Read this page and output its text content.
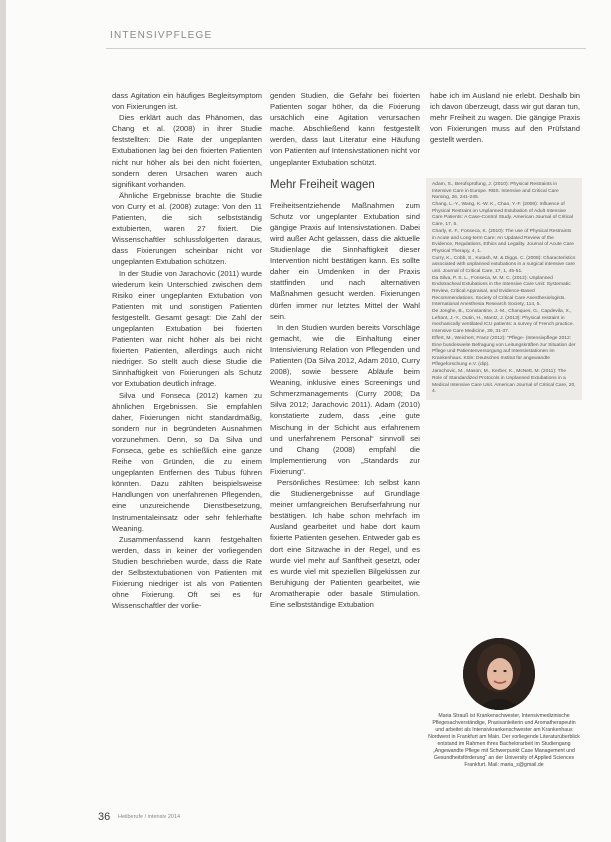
INTENSIVPFLEGE

dass Agitation ein häufiges Begleitsymptom von Fixierungen ist.

Dies erklärt auch das Phänomen, das Chang et al. (2008) in ihrer Studie feststellten: Die Rate der ungeplanten Extubationen lag bei den fixierten Patienten nicht nur höher als bei den nicht fixierten, sondern deren Ursachen waren auch signifikant vorhanden.

Ähnliche Ergebnisse brachte die Studie von Curry et al. (2008) zutage: Von den 11 Patienten, die sich selbstständig extubierten, waren 27 fixiert. Die Wissenschaftler schlussfolgerten daraus, dass Fixierungen scheinbar nicht vor ungeplanten Extubation schützen.

In der Studie von Jarachovic (2011) wurde wiederum kein Unterschied zwischen dem Risiko einer ungeplanten Extubation von Patienten mit und sonstigen Patienten festgestellt. Gesamt gesagt: Die Zahl der ungeplanten Extubation bei fixierten Patienten war nicht höher als bei nicht fixierten Patienten, allerdings auch nicht niedriger. So stellt auch diese Studie die Sinnhaftigkeit von Fixierungen als Schutz vor Extubation deutlich infrage.

Silva und Fonseca (2012) kamen zu ähnlichen Ergebnissen. Sie empfahlen daher, Fixierungen nicht standardmäßig, sondern nur in begründeten Ausnahmen vorzunehmen. Denn, so Da Silva und Fonseca, gebe es schließlich eine ganze Reihe von Gründen, die zu einem ungeplanten Entfernen des Tubus führen könnten. Dazu zählten beispielsweise Handlungen von unerfahrenen Pflegenden, eine unzureichende Dienstbesetzung, Instrumentaleinsatz oder sehr fehlerhafte Weaning.

Zusammenfassend kann festgehalten werden, dass in keiner der vorliegenden Studien beschrieben wurde, dass die Rate der Selbstextubationen von Patienten mit Fixierung niedriger ist als von Patienten ohne Fixierung. Oft sei es für Wissenschaftler der vorlie-

genden Studien, die Gefahr bei fixierten Patienten sogar höher, da die Fixierung ursächlich eine Agitation verursachen mache. Abschließend kann festgestellt werden, dass laut Literatur eine Häufung von Patienten auf Intensivstationen nicht vor ungeplanter Extubation schützt.

Mehr Freiheit wagen

Freiheitsentziehende Maßnahmen zum Schutz vor ungeplanter Extubation sind gängige Praxis auf Intensivstationen. Dabei wird außer Acht gelassen, dass die aktuelle Studienlage die Sinnhaftigkeit dieser Intervention nicht bestätigen kann. Es sollte daher ein Umdenken in der Praxis stattfinden und nach alternativen Maßnahmen gesucht werden. Fixierungen dürfen immer nur letztes Mittel der Wahl sein.

In den Studien wurden bereits Vorschläge gemacht, wie die Einhaltung einer Intensivierung Relation von Pflegenden und Patienten (Da Silva 2012, Adam 2010, Curry 2008), sowie bessere Abläufe beim Weaning, inklusive eines Screenings und Schmerzmanagements (Curry 2008; Da Silva 2012; Jarachovic 2011). Adam (2010) konstatierte zudem, dass „eine gute Mischung in der Schicht aus erfahrenem und unerfahrenem Personal“ sinnvoll sei und Chang (2008) empfahl die Implementierung von „Standards zur Fixierung“.

Persönliches Resümee: Ich selbst kann die Studienergebnisse auf Grundlage meiner umfangreichen Berufserfahrung nur bestätigen. Ich habe schon mehrfach im Ausland gearbeitet und habe dort kaum fixierte Patienten gesehen. Entweder gab es dort eine Sitzwache in der Regel, und es wurde viel mehr auf Sanftheit gesetzt, oder es wurde viel mit speziellen Bilgekissen zur Beruhigung der Patienten gearbeitet, wie Aromatherapie oder basale Stimulation. Eine selbstständige Extubation

habe ich im Ausland nie erlebt. Deshalb bin ich davon überzeugt, dass wir gut daran tun, mehr Freiheit zu wagen. Die gängige Praxis von Fixierungen muss auf den Prüfstand gestellt werden.
Adam, S., Berufsprüfung, J. (2010): Physical Restraints in Intensive Care in Europe. RBS. Intensive and Critical Care Nursing, 26, 241-245.
Chang, L.-Y., Wang, K.-W. K., Chao, Y.-F. (2008): Influence of Physical Restraint on Unplanned Extubation of Adult Intensive Care Patients: A Case-Control Study. American Journal of Critical Care, 17, 5.
Charly, K. F., Fonseca, K. (2010): The use of Physical Restraints in Acute and Long-term Care: An Updated Review of the Evidence, Regulations, Ethics and Legality. Journal of Acute Care Physical Therapy, 4, 1.
Curry, K., Cobb, S., Kutash, M. & Diggs, C. (2008): Characteristics associated with unplanned extubations in a surgical intensive care unit. Journal of Critical Care, 17, 1, 45-51.
Da Silva, P. S. L., Fonseca, M. M. C. (2012): Unplanned Endotracheal Extubations in the Intensive Care Unit: Systematic Review, Critical Appraisal, and Evidence-Based Recommendations. Society of Critical Care Anesthesiologists. International Anesthesia Research Society, 114, 5.
De Jonghe, B., Constantine, J.-M., Chanques, G., Capdevila, X., Lefrant, J.-Y., Outin, H., Mantz, J. (2013): Physical restraint in mechanically ventilated ICU patients: a survey of French practice. Intensive Care Medicine, 39, 31-37.
Effert, M., Weichert, Franz (2012): "Pflege- (Intensivpflege 2012: Eine bundesweite Befragung von Leitungskräften zur Situation der Pflege und Patientenversorgung auf Intensivstationen im Krankenhaus. Köln: Deutsches Institut für angewandte Pflegeforschung e.V. (dip).
Jarachovic, M., Mason, M., Kerber, K., McNett, M. (2011): The Role of Standardized Protocols in Unplanned Extubations in a Medical Intensive Care Unit. American Journal of Critical Care, 20, 4.
Maria Strauß ist Krankenschwester, Intensivmedizinische Pflegesachverständige, Praxisanleiterin und Aromatherapeutin und arbeitet als Intensivkrankenschwester am Krankenhaus Nordwest in Frankfurt am Main. Der vorliegende Literaturüberblick entstand im Rahmen ihres Bachelorarbeit im Studiengang „Angewandte Pflege mit Schwerpunkt Case Management und Gesundheitsförderung“ an der University of Applied Sciences Frankfurt. Mail: maria_s@gmail.de
36 Heilberufe / intensiv 2014
